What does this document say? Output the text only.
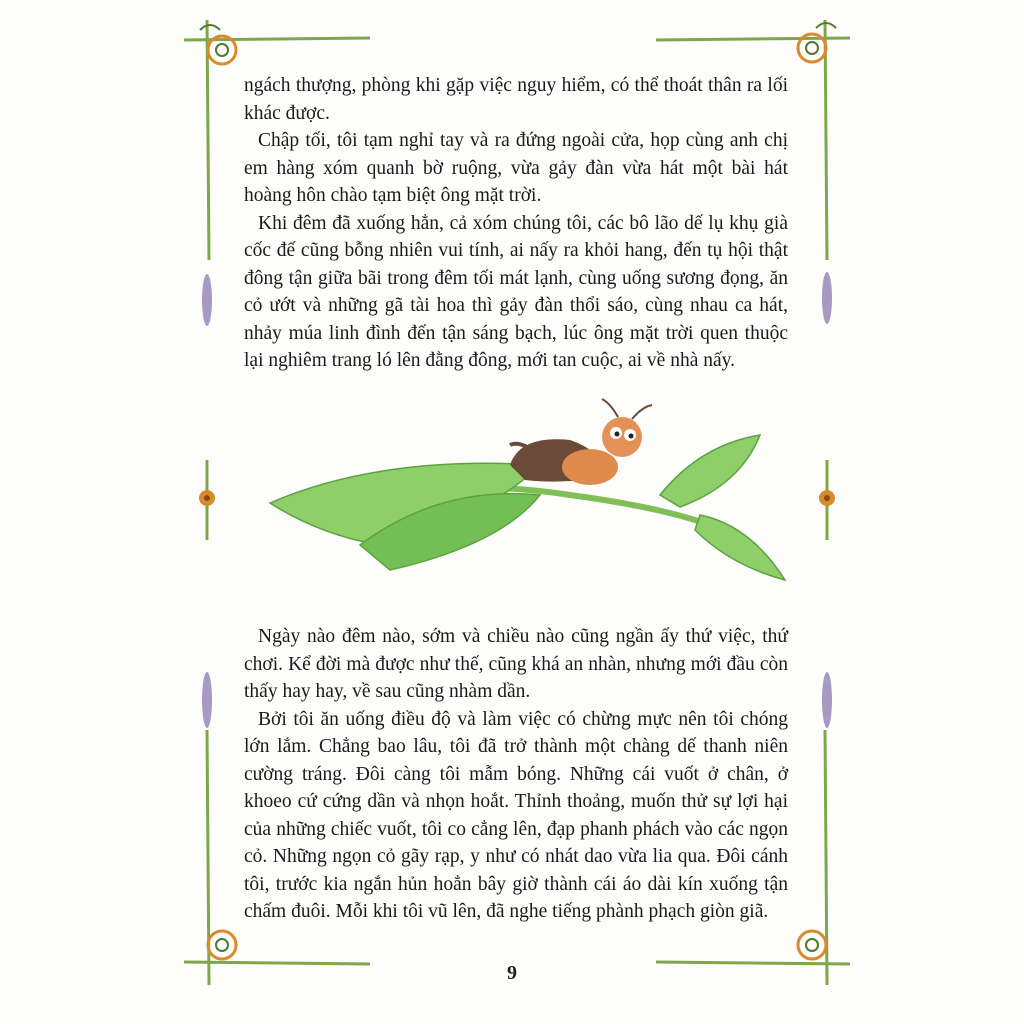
ngách thượng, phòng khi gặp việc nguy hiểm, có thể thoát thân ra lối khác được.

Chập tối, tôi tạm nghỉ tay và ra đứng ngoài cửa, họp cùng anh chị em hàng xóm quanh bờ ruộng, vừa gảy đàn vừa hát một bài hát hoàng hôn chào tạm biệt ông mặt trời.

Khi đêm đã xuống hẳn, cả xóm chúng tôi, các bô lão dế lụ khụ già cốc đế cũng bỗng nhiên vui tính, ai nấy ra khỏi hang, đến tụ hội thật đông tận giữa bãi trong đêm tối mát lạnh, cùng uống sương đọng, ăn cỏ ướt và những gã tài hoa thì gảy đàn thổi sáo, cùng nhau ca hát, nhảy múa linh đình đến tận sáng bạch, lúc ông mặt trời quen thuộc lại nghiêm trang ló lên đằng đông, mới tan cuộc, ai về nhà nấy.

Ngày nào đêm nào, sớm và chiều nào cũng ngần ấy thứ việc, thứ chơi. Kể đời mà được như thế, cũng khá an nhàn, nhưng mới đầu còn thấy hay hay, về sau cũng nhàm dần.

Bởi tôi ăn uống điều độ và làm việc có chừng mực nên tôi chóng lớn lắm. Chẳng bao lâu, tôi đã trở thành một chàng dế thanh niên cường tráng. Đôi càng tôi mẫm bóng. Những cái vuốt ở chân, ở khoeo cứ cứng dần và nhọn hoắt. Thỉnh thoảng, muốn thử sự lợi hại của những chiếc vuốt, tôi co cẳng lên, đạp phanh phách vào các ngọn cỏ. Những ngọn cỏ gãy rạp, y như có nhát dao vừa lia qua. Đôi cánh tôi, trước kia ngắn hủn hoẳn bây giờ thành cái áo dài kín xuống tận chấm đuôi. Mỗi khi tôi vũ lên, đã nghe tiếng phành phạch giòn giã.

9
